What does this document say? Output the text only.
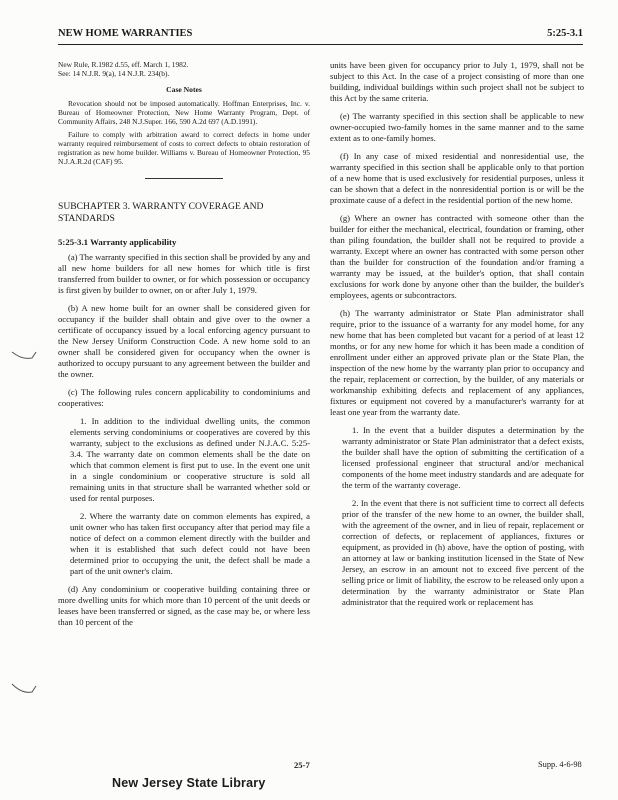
NEW HOME WARRANTIES	5:25-3.1

New Rule, R.1982 d.55, eff. March 1, 1982.
See: 14 N.J.R. 9(a), 14 N.J.R. 234(b).

Case Notes

Revocation should not be imposed automatically. Hoffman Enterprises, Inc. v. Bureau of Homeowner Protection, New Home Warranty Program, Dept. of Community Affairs, 248 N.J.Super. 166, 590 A.2d 697 (A.D.1991).

Failure to comply with arbitration award to correct defects in home under warranty required reimbursement of costs to correct defects to obtain restoration of registration as new home builder. Williams v. Bureau of Homeowner Protection, 95 N.J.A.R.2d (CAF) 95.

SUBCHAPTER 3. WARRANTY COVERAGE AND STANDARDS
5:25-3.1 Warranty applicability

(a) The warranty specified in this section shall be provided by any and all new home builders for all new homes for which title is first transferred from builder to owner, or for which possession or occupancy is first given by builder to owner, on or after July 1, 1979.

(b) A new home built for an owner shall be considered given for occupancy if the builder shall obtain and give over to the owner a certificate of occupancy issued by a local enforcing agency pursuant to the New Jersey Uniform Construction Code. A new home sold to an owner shall be considered given for occupancy when the owner is authorized to occupy pursuant to any agreement between the builder and the owner.

(c) The following rules concern applicability to condominiums and cooperatives:

1. In addition to the individual dwelling units, the common elements serving condominiums or cooperatives are covered by this warranty, subject to the exclusions as defined under N.J.A.C. 5:25-3.4. The warranty date on common elements shall be the date on which that common element is first put to use. In the event one unit in a single condominium or cooperative structure is sold all remaining units in that structure shall be warranted whether sold or used for rental purposes.

2. Where the warranty date on common elements has expired, a unit owner who has taken first occupancy after that period may file a notice of defect on a common element directly with the builder and when it is established that such defect could not have been determined prior to occupying the unit, the defect shall be made a part of the unit owner's claim.

(d) Any condominium or cooperative building containing three or more dwelling units for which more than 10 percent of the unit deeds or leases have been transferred or signed, as the case may be, or where less than 10 percent of the

units have been given for occupancy prior to July 1, 1979, shall not be subject to this Act. In the case of a project consisting of more than one building, individual buildings within such project shall not be subject to this Act by the same criteria.

(e) The warranty specified in this section shall be applicable to new owner-occupied two-family homes in the same manner and to the same extent as to one-family homes.

(f) In any case of mixed residential and nonresidential use, the warranty specified in this section shall be applicable only to that portion of a new home that is used exclusively for residential purposes, unless it can be shown that a defect in the nonresidential portion is or will be the proximate cause of a defect in the residential portion of the new home.

(g) Where an owner has contracted with someone other than the builder for either the mechanical, electrical, foundation or framing, other than piling foundation, the builder shall not be required to provide a warranty. Except where an owner has contracted with some person other than the builder for construction of the foundation and/or framing a warranty may be issued, at the builder's option, that shall contain exclusions for work done by anyone other than the builder, the builder's employees, agents or subcontractors.

(h) The warranty administrator or State Plan administrator shall require, prior to the issuance of a warranty for any model home, for any new home that has been completed but vacant for a period of at least 12 months, or for any new home for which it has been made a condition of enrollment under either an approved private plan or the State Plan, the inspection of the new home by the warranty plan prior to occupancy and the repair, replacement or correction, by the builder, of any materials or workmanship exhibiting defects and replacement of any appliances, fixtures or equipment not covered by a manufacturer's warranty for at least one year from the warranty date.

1. In the event that a builder disputes a determination by the warranty administrator or State Plan administrator that a defect exists, the builder shall have the option of submitting the certification of a licensed professional engineer that structural and/or mechanical components of the home meet industry standards and are adequate for the term of the warranty coverage.

2. In the event that there is not sufficient time to correct all defects prior of the transfer of the new home to an owner, the builder shall, with the agreement of the owner, and in lieu of repair, replacement or correction of defects, or replacement of appliances, fixtures or equipment, as provided in (h) above, have the option of posting, with an attorney at law or banking institution licensed in the State of New Jersey, an escrow in an amount not to exceed five percent of the selling price or limit of liability, the escrow to be released only upon a determination by the warranty administrator or State Plan administrator that the required work or replacement has

25-7	Supp. 4-6-98
New Jersey State Library
